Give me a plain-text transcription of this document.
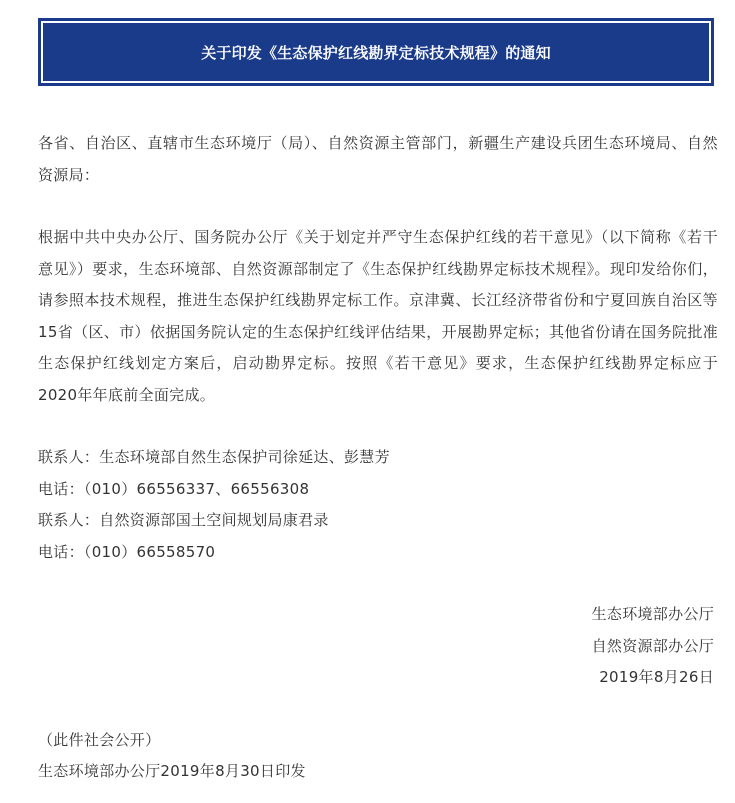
关于印发《生态保护红线勘界定标技术规程》的通知

各省、自治区、直辖市生态环境厅（局）、自然资源主管部门，新疆生产建设兵团生态环境局、自然资源局：

根据中共中央办公厅、国务院办公厅《关于划定并严守生态保护红线的若干意见》（以下简称《若干意见》）要求，生态环境部、自然资源部制定了《生态保护红线勘界定标技术规程》。现印发给你们，请参照本技术规程，推进生态保护红线勘界定标工作。京津冀、长江经济带省份和宁夏回族自治区等15省（区、市）依据国务院认定的生态保护红线评估结果，开展勘界定标；其他省份请在国务院批准生态保护红线划定方案后，启动勘界定标。按照《若干意见》要求，生态保护红线勘界定标应于2020年年底前全面完成。

联系人：生态环境部自然生态保护司徐延达、彭慧芳

电话：（010）66556337、66556308

联系人：自然资源部国土空间规划局康君录

电话：（010）66558570

生态环境部办公厅

自然资源部办公厅

2019年8月26日

（此件社会公开）

生态环境部办公厅2019年8月30日印发
